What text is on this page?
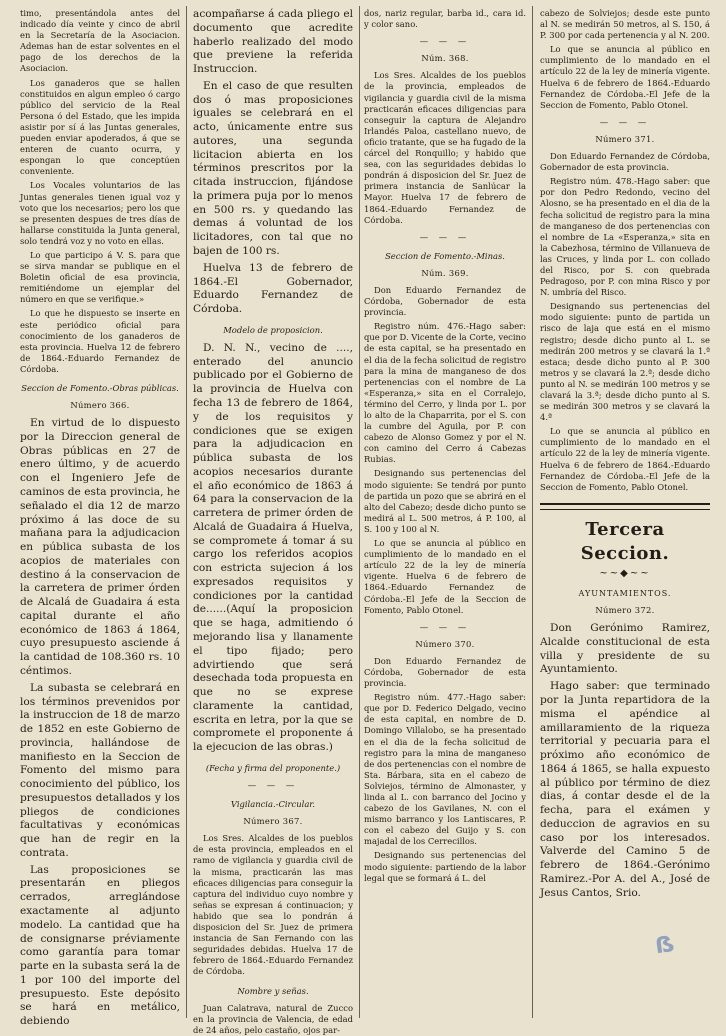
timo, presentándola antes del indicado día veinte y cinco de abril en la Secretaría de la Asociacion. Ademas han de estar solventes en el pago de los derechos de la Asociacion.

Los ganaderos que se hallen constituidos en algun empleo ó cargo público del servicio de la Real Persona ó del Estado, que les impida asistir por sí á las Juntas generales, pueden enviar apoderados, á que se enteren de cuanto ocurra, y espongan lo que conceptúen conveniente.

Los Vocales voluntarios de las Juntas generales tienen igual voz y voto que los necesarios; pero los que se presenten despues de tres días de hallarse constituida la Junta general, solo tendrá voz y no voto en ellas.

Lo que participo á V. S. para que se sirva mandar se publique en el Boletin oficial de esa provincia, remitiéndome un ejemplar del número en que se verifique.»

Lo que he dispuesto se inserte en este periódico oficial para conocimiento de los ganaderos de esta provincia. Huelva 12 de febrero de 1864.-Eduardo Fernandez de Córdoba.

Seccion de Fomento.-Obras públicas.
Número 366.

En virtud de lo dispuesto por la Direccion general de Obras públicas en 27 de enero último, y de acuerdo con el Ingeniero Jefe de caminos de esta provincia, he señalado el dia 12 de marzo próximo á las doce de su mañana para la adjudicacion en pública subasta de los acopios de materiales con destino á la conservacion de la carretera de primer órden de Alcalá de Guadaira á esta capital durante el año económico de 1863 á 1864, cuyo presupuesto asciende á la cantidad de 108.360 rs. 10 céntimos.

La subasta se celebrará en los términos prevenidos por la instruccion de 18 de marzo de 1852 en este Gobierno de provincia, hallándose de manifiesto en la Seccion de Fomento del mismo para conocimiento del público, los presupuestos detallados y los pliegos de condiciones facultativas y económicas que han de regir en la contrata.

Las proposiciones se presentarán en pliegos cerrados, arreglándose exactamente al adjunto modelo. La cantidad que ha de consignarse préviamente como garantía para tomar parte en la subasta será la de 1 por 100 del importe del presupuesto. Este depósito se hará en metálico, debiendo

acompañarse á cada pliego el documento que acredite haberlo realizado del modo que previene la referida Instruccion.

En el caso de que resulten dos ó mas proposiciones iguales se celebrará en el acto, únicamente entre sus autores, una segunda licitacion abierta en los términos prescritos por la citada instruccion, fijándose la primera puja por lo menos en 500 rs. y quedando las demas á voluntad de los licitadores, con tal que no bajen de 100 rs.

Huelva 13 de febrero de 1864.-El Gobernador, Eduardo Fernandez de Córdoba.

Modelo de proposicion.

D. N. N., vecino de ...., enterado del anuncio publicado por el Gobierno de la provincia de Huelva con fecha 13 de febrero de 1864, y de los requisitos y condiciones que se exigen para la adjudicacion en pública subasta de los acopios necesarios durante el año económico de 1863 á 64 para la conservacion de la carretera de primer órden de Alcalá de Guadaira á Huelva, se compromete á tomar á su cargo los referidos acopios con estricta sujecion á los expresados requisitos y condiciones por la cantidad de......(Aquí la proposicion que se haga, admitiendo ó mejorando lisa y llanamente el tipo fijado; pero advirtiendo que será desechada toda propuesta en que no se exprese claramente la cantidad, escrita en letra, por la que se compromete el proponente á la ejecucion de las obras.)

(Fecha y firma del proponente.)
— — —
Vigilancia.-Circular.
Número 367.

Los Sres. Alcaldes de los pueblos de esta provincia, empleados en el ramo de vigilancia y guardia civil de la misma, practicarán las mas eficaces diligencias para conseguir la captura del individuo cuyo nombre y señas se expresan á continuacion; y habido que sea lo pondrán á disposicion del Sr. Juez de primera instancia de San Fernando con las seguridades debidas. Huelva 17 de febrero de 1864.-Eduardo Fernandez de Córdoba.

Nombre y señas.

Juan Calatrava, natural de Zucco en la provincia de Valencia, de edad de 24 años, pelo castaño, ojos par-

dos, nariz regular, barba id., cara id. y color sano.

— — —
Núm. 368.

Los Sres. Alcaldes de los pueblos de la provincia, empleados de vigilancia y guardia civil de la misma practicarán eficaces diligencias para conseguir la captura de Alejandro Irlandés Paloa, castellano nuevo, de oficio tratante, que se ha fugado de la cárcel del Ronquillo; y habido que sea, con las seguridades debidas lo pondrán á disposicion del Sr. Juez de primera instancia de Sanlúcar la Mayor. Huelva 17 de febrero de 1864.-Eduardo Fernandez de Córdoba.

— — —
Seccion de Fomento.-Minas.
Núm. 369.

Don Eduardo Fernandez de Córdoba, Gobernador de esta provincia.

Registro núm. 476.-Hago saber: que por D. Vicente de la Corte, vecino de esta capital, se ha presentado en el dia de la fecha solicitud de registro para la mina de manganeso de dos pertenencias con el nombre de La «Esperanza,» sita en el Corralejo, término del Cerro, y linda por L. por lo alto de la Chaparrita, por el S. con la cumbre del Aguila, por P. con cabezo de Alonso Gomez y por el N. con camino del Cerro á Cabezas Rubias.

Designando sus pertenencias del modo siguiente: Se tendrá por punto de partida un pozo que se abrirá en el alto del Cabezo; desde dicho punto se medirá al L. 500 metros, á P. 100, al S. 100 y 100 al N.

Lo que se anuncia al público en cumplimiento de lo mandado en el artículo 22 de la ley de minería vigente. Huelva 6 de febrero de 1864.-Eduardo Fernandez de Córdoba.-El Jefe de la Seccion de Fomento, Pablo Otonel.

— — —
Número 370.

Don Eduardo Fernandez de Córdoba, Gobernador de esta provincia.

Registro núm. 477.-Hago saber: que por D. Federico Delgado, vecino de esta capital, en nombre de D. Domingo Villalobo, se ha presentado en el dia de la fecha solicitud de registro para la mina de manganeso de dos pertenencias con el nombre de Sta. Bárbara, sita en el cabezo de Solviejos, término de Almonaster, y linda al L. con barranco del Jocino y cabezo de los Gavilanes, N. con el mismo barranco y los Lantiscares, P. con el cabezo del Guijo y S. con majadal de los Cerrecillos.

Designando sus pertenencias del modo siguiente: partiendo de la labor legal que se formará á L. del

cabezo de Solviejos; desde este punto al N. se medirán 50 metros, al S. 150, á P. 300 por cada pertenencia y al N. 200.

Lo que se anuncia al público en cumplimiento de lo mandado en el artículo 22 de la ley de minería vigente. Huelva 6 de febrero de 1864.-Eduardo Fernandez de Córdoba.-El Jefe de la Seccion de Fomento, Pablo Otonel.

— — —
Número 371.

Don Eduardo Fernandez de Córdoba, Gobernador de esta provincia.

Registro núm. 478.-Hago saber: que por don Pedro Redondo, vecino del Alosno, se ha presentado en el dia de la fecha solicitud de registro para la mina de manganeso de dos pertenencias con el nombre de La «Esperanza,» sita en la Cabezhosa, término de Villanueva de las Cruces, y linda por L. con collado del Risco, por S. con quebrada Pedragoso, por P. con mina Risco y por N. umbría del Risco.

Designando sus pertenencias del modo siguiente: punto de partida un risco de laja que está en el mismo registro; desde dicho punto al L. se medirán 200 metros y se clavará la 1.ª estaca; desde dicho punto al P. 300 metros y se clavará la 2.ª; desde dicho punto al N. se medirán 100 metros y se clavará la 3.ª; desde dicho punto al S. se medirán 300 metros y se clavará la 4.ª

Lo que se anuncia al público en cumplimiento de lo mandado en el artículo 22 de la ley de minería vigente. Huelva 6 de febrero de 1864.-Eduardo Fernandez de Córdoba.-El Jefe de la Seccion de Fomento, Pablo Otonel.

Tercera Seccion.
~~◆~~
AYUNTAMIENTOS.
Número 372.

Don Gerónimo Ramirez, Alcalde constitucional de esta villa y presidente de su Ayuntamiento.

Hago saber: que terminado por la Junta repartidora de la misma el apéndice al amillaramiento de la riqueza territorial y pecuaria para el próximo año económico de 1864 á 1865, se halla expuesto al público por término de diez dias, á contar desde el de la fecha, para el exámen y deduccion de agravios en su caso por los interesados. Valverde del Camino 5 de febrero de 1864.-Gerónimo Ramirez.-Por A. del A., José de Jesus Cantos, Srio.

ẞ
